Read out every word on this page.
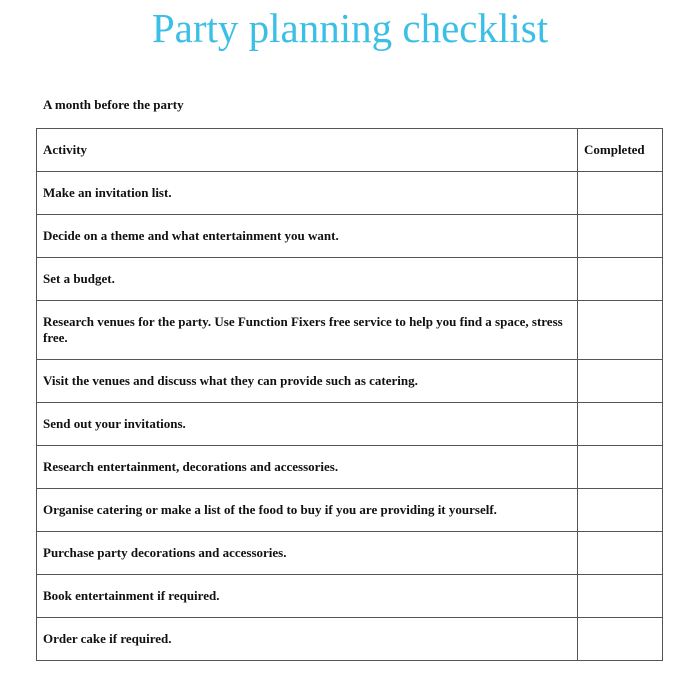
Party planning checklist
A month before the party
Activity	Completed
Make an invitation list.	
Decide on a theme and what entertainment you want.	
Set a budget.	
Research venues for the party. Use Function Fixers free service to help you find a space, stress free.	
Visit the venues and discuss what they can provide such as catering.	
Send out your invitations.	
Research entertainment, decorations and accessories.	
Organise catering or make a list of the food to buy if you are providing it yourself.	
Purchase party decorations and accessories.	
Book entertainment if required.	
Order cake if required.	
